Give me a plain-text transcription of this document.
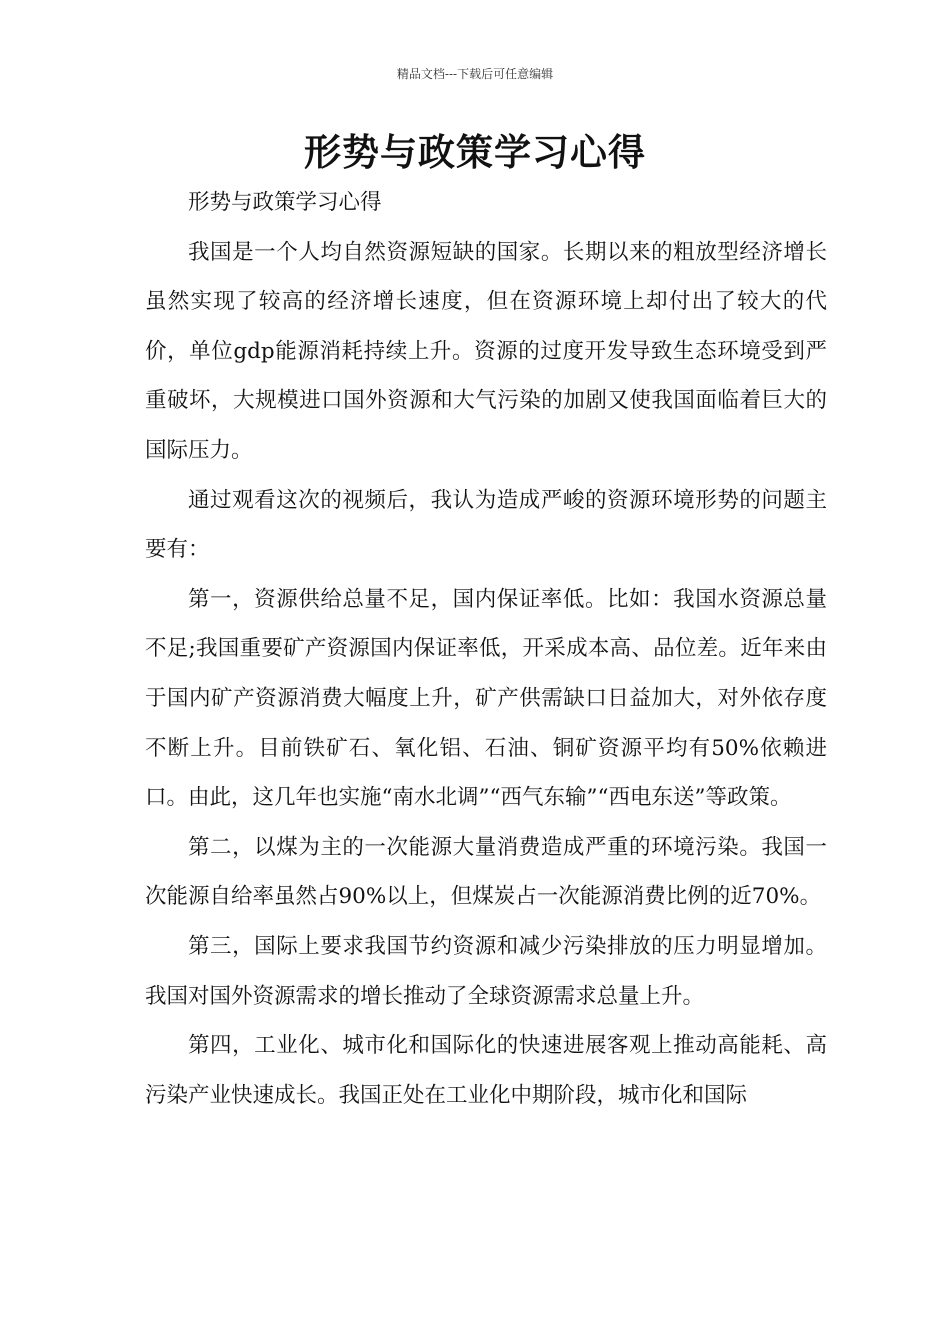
精品文档---下载后可任意编辑
形势与政策学习心得

形势与政策学习心得

我国是一个人均自然资源短缺的国家。长期以来的粗放型经济增长虽然实现了较高的经济增长速度，但在资源环境上却付出了较大的代价，单位gdp能源消耗持续上升。资源的过度开发导致生态环境受到严重破坏，大规模进口国外资源和大气污染的加剧又使我国面临着巨大的国际压力。

通过观看这次的视频后，我认为造成严峻的资源环境形势的问题主要有：

第一，资源供给总量不足，国内保证率低。比如：我国水资源总量不足;我国重要矿产资源国内保证率低，开采成本高、品位差。近年来由于国内矿产资源消费大幅度上升，矿产供需缺口日益加大，对外依存度不断上升。目前铁矿石、氧化铝、石油、铜矿资源平均有50%依赖进口。由此，这几年也实施“南水北调”“西气东输”“西电东送”等政策。

第二，以煤为主的一次能源大量消费造成严重的环境污染。我国一次能源自给率虽然占90%以上，但煤炭占一次能源消费比例的近70%。

第三，国际上要求我国节约资源和减少污染排放的压力明显增加。我国对国外资源需求的增长推动了全球资源需求总量上升。

第四，工业化、城市化和国际化的快速进展客观上推动高能耗、高污染产业快速成长。我国正处在工业化中期阶段，城市化和国际
